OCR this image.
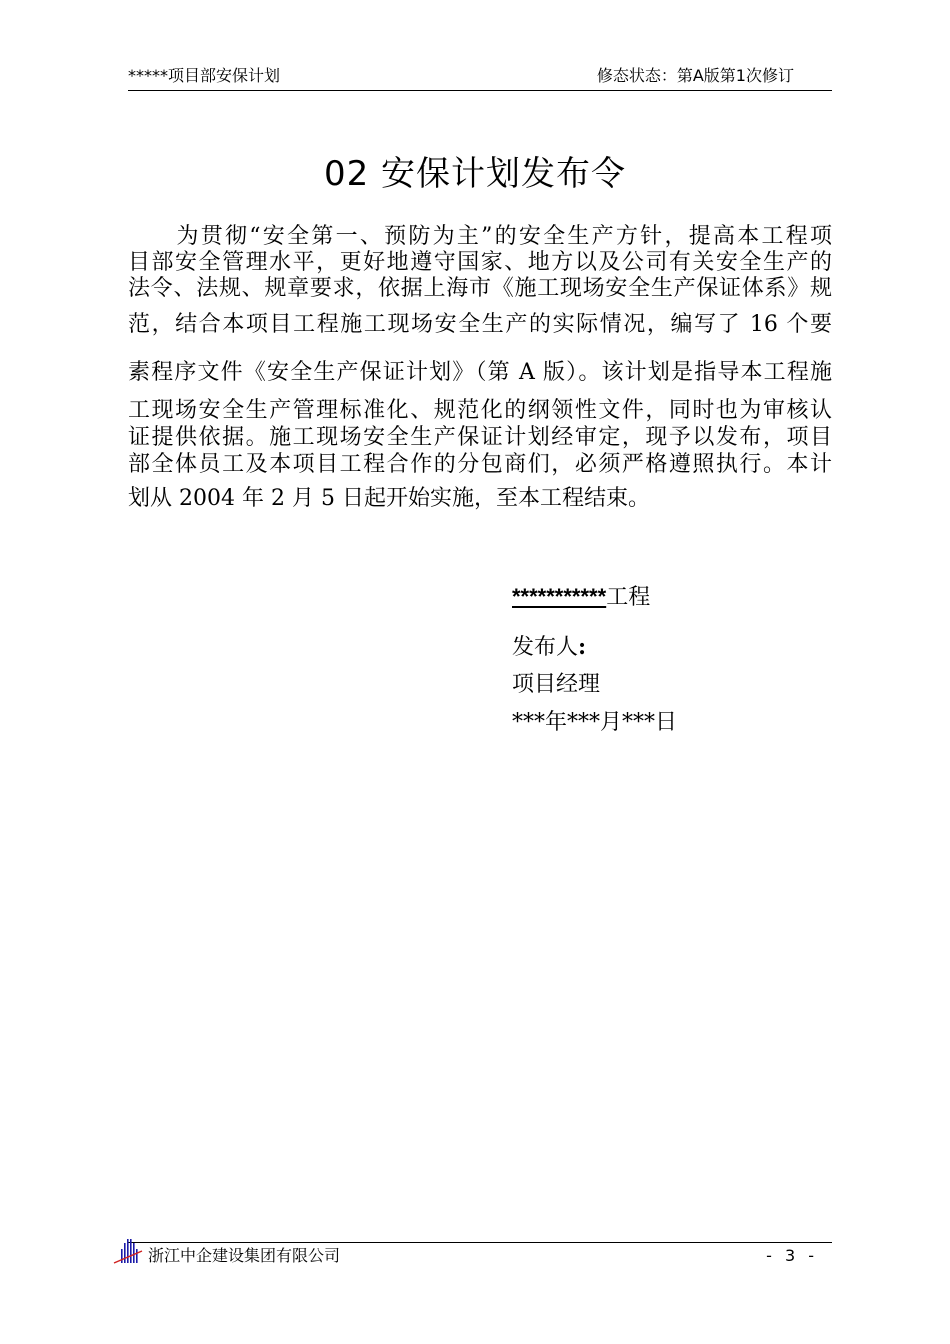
*****项目部安保计划	修态状态：第A版第1次修订
02 安保计划发布令
　　为贯彻“安全第一、预防为主”的安全生产方针，提高本工程项
目部安全管理水平，更好地遵守国家、地方以及公司有关安全生产的
法令、法规、规章要求，依据上海市《施工现场安全生产保证体系》规
范，结合本项目工程施工现场安全生产的实际情况，编写了 16 个要
素程序文件《安全生产保证计划》（第 A 版）。该计划是指导本工程施
工现场安全生产管理标准化、规范化的纲领性文件，同时也为审核认
证提供依据。施工现场安全生产保证计划经审定，现予以发布，项目
部全体员工及本项目工程合作的分包商们，必须严格遵照执行。本计
划从 2004 年 2 月 5 日起开始实施，至本工程结束。
***********工程
发布人:
项目经理
***年***月***日
浙江中企建设集团有限公司	- 3 -
